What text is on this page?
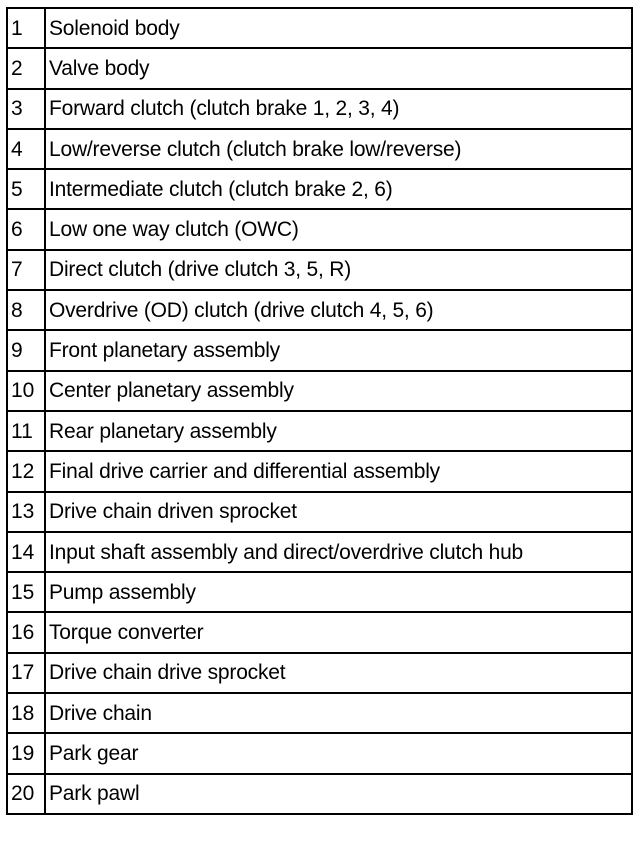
1	Solenoid body
2	Valve body
3	Forward clutch (clutch brake 1, 2, 3, 4)
4	Low/reverse clutch (clutch brake low/reverse)
5	Intermediate clutch (clutch brake 2, 6)
6	Low one way clutch (OWC)
7	Direct clutch (drive clutch 3, 5, R)
8	Overdrive (OD) clutch (drive clutch 4, 5, 6)
9	Front planetary assembly
10	Center planetary assembly
11	Rear planetary assembly
12	Final drive carrier and differential assembly
13	Drive chain driven sprocket
14	Input shaft assembly and direct/overdrive clutch hub
15	Pump assembly
16	Torque converter
17	Drive chain drive sprocket
18	Drive chain
19	Park gear
20	Park pawl
